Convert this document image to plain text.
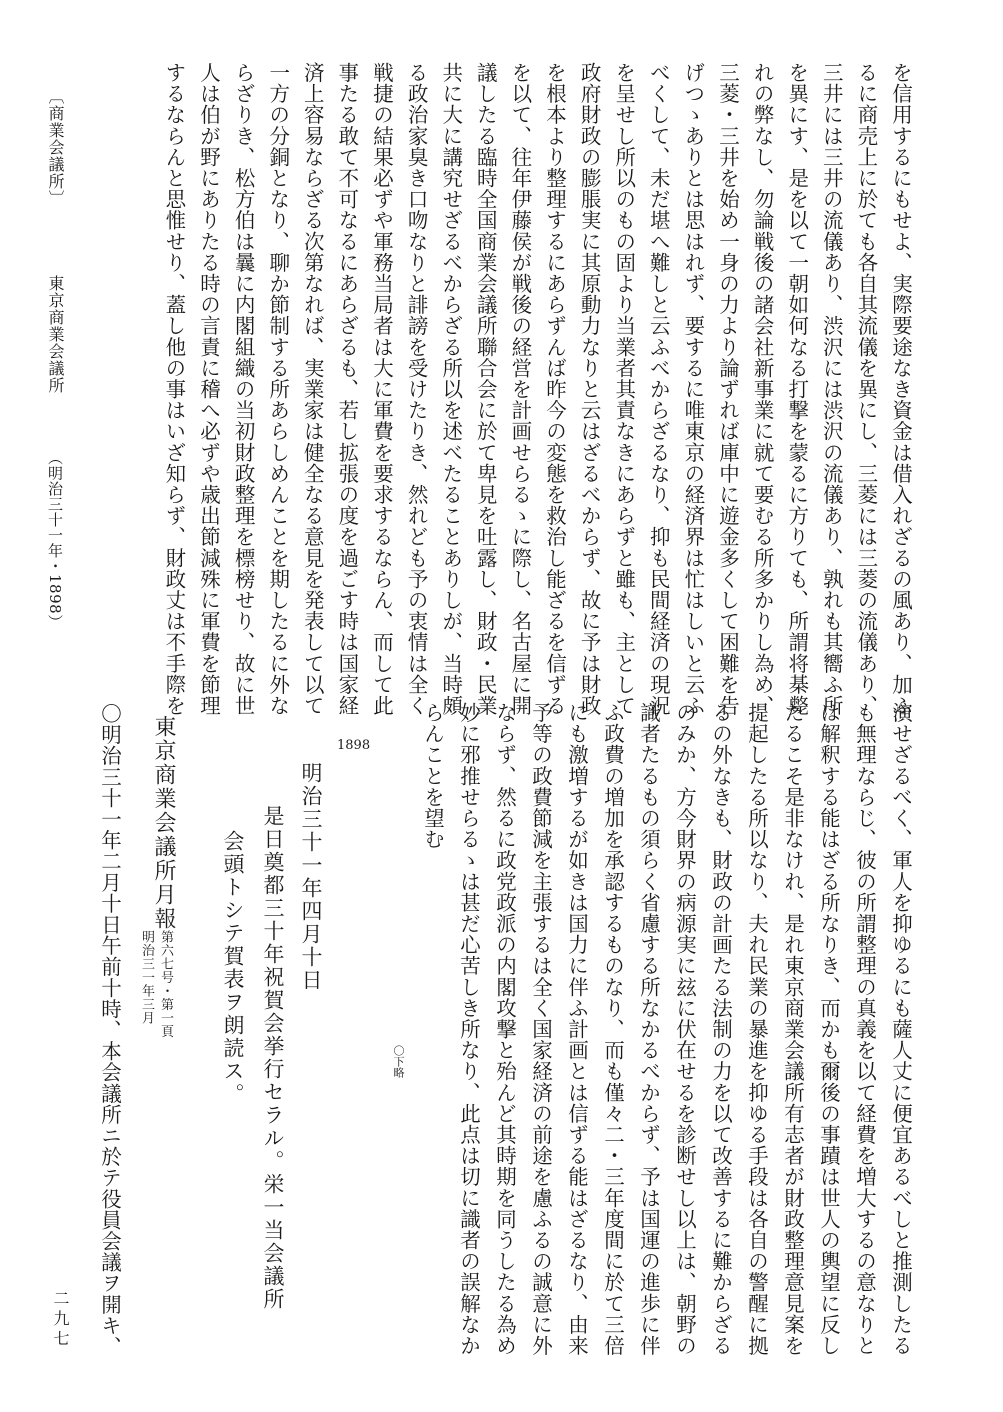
〔商業会議所〕
東京商業会議所
（明治三十一年・1898）	を信用するにもせよ、実際要途なき資金は借入れざるの風あり、加ふ
るに商売上に於ても各自其流儀を異にし、三菱には三菱の流儀あり、
三井には三井の流儀あり、渋沢には渋沢の流儀あり、孰れも其嚮ふ所
を異にす、是を以て一朝如何なる打撃を蒙るに方りても、所謂将棊斃
れの弊なし、勿論戦後の諸会社新事業に就て要むる所多かりし為め、
三菱・三井を始め一身の力より論ずれば庫中に遊金多くして困難を告
げつゝありとは思はれず、要するに唯東京の経済界は忙はしいと云ふ
べくして、未だ堪へ難しと云ふべからざるなり、抑も民間経済の現況
を呈せし所以のもの固より当業者其責なきにあらずと雖も、主として
政府財政の膨脹実に其原動力なりと云はざるべからず、故に予は財政
を根本より整理するにあらずんば昨今の変態を救治し能ざるを信ずる
を以て、往年伊藤侯が戦後の経営を計画せらるゝに際し、名古屋に開
議したる臨時全国商業会議所聯合会に於て卑見を吐露し、財政・民業
共に大に講究せざるべからざる所以を述べたることありしが、当時頗
る政治家臭き口吻なりと誹謗を受けたりき、然れども予の衷情は全く
戦捷の結果必ずや軍務当局者は大に軍費を要求するならん、而して此
事たる敢て不可なるにあらざるも、若し拡張の度を過ごす時は国家経
済上容易ならざる次第なれば、実業家は健全なる意見を発表して以て
一方の分銅となり、聊か節制する所あらしめんことを期したるに外な
らざりき、松方伯は曩に内閣組織の当初財政整理を標榜せり、故に世
人は伯が野にありたる時の言責に稽へ必ずや歳出節減殊に軍費を節理
するならんと思惟せり、蓋し他の事はいざ知らず、財政丈は不手際を
演せざるべく、軍人を抑ゆるにも薩人丈に便宜あるべしと推測したる
も無理ならじ、彼の所謂整理の真義を以て経費を増大するの意なりと
は解釈する能はざる所なりき、而かも爾後の事蹟は世人の輿望に反し
たるこそ是非なけれ、是れ東京商業会議所有志者が財政整理意見案を
提起したる所以なり、夫れ民業の暴進を抑ゆる手段は各自の警醒に拠
るの外なきも、財政の計画たる法制の力を以て改善するに難からざる
のみか、方今財界の病源実に玆に伏在せるを診断せし以上は、朝野の
識者たるもの須らく省慮する所なかるべからず、予は国運の進歩に伴
ふ政費の増加を承認するものなり、而も僅々二・三年度間に於て三倍
にも激増するが如きは国力に伴ふ計画とは信ずる能はざるなり、由来
予等の政費節減を主張するは全く国家経済の前途を慮ふるの誠意に外
ならず、然るに政党政派の内閣攻撃と殆んど其時期を同うしたる為め
妙に邪推せらるゝは甚だ心苦しき所なり、此点は切に識者の誤解なか
らんことを望む
〇下略
1898
明治三十一年四月十日
是日奠都三十年祝賀会挙行セラル。栄一当会議所
会頭トシテ賀表ヲ朗読ス。
東京商業会議所月報
第六七号・第一頁
明治三一年三月
〇明治三十一年二月十日午前十時、本会議所ニ於テ役員会議ヲ開キ、
二九七
